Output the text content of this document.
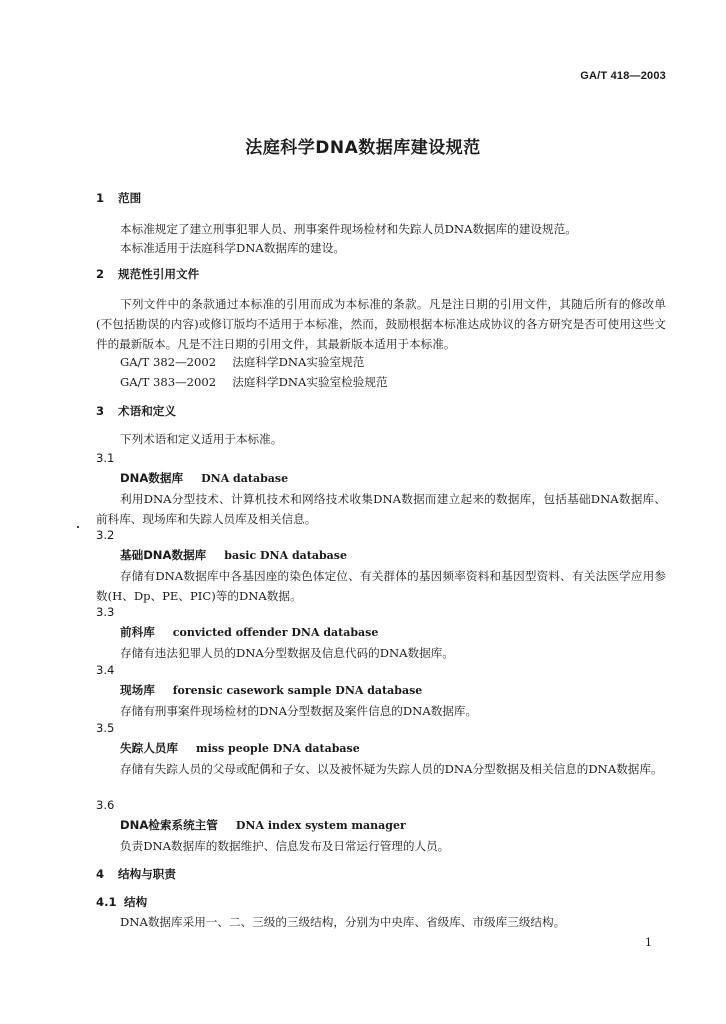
GA/T 418—2003
法庭科学DNA数据库建设规范
1 范围
本标准规定了建立刑事犯罪人员、刑事案件现场检材和失踪人员DNA数据库的建设规范。
本标准适用于法庭科学DNA数据库的建设。
2 规范性引用文件
下列文件中的条款通过本标准的引用而成为本标准的条款。凡是注日期的引用文件，其随后所有的修改单(不包括勘误的内容)或修订版均不适用于本标准，然而，鼓励根据本标准达成协议的各方研究是否可使用这些文件的最新版本。凡是不注日期的引用文件，其最新版本适用于本标准。
GA/T 382—2002 法庭科学DNA实验室规范
GA/T 383—2002 法庭科学DNA实验室检验规范
3 术语和定义
下列术语和定义适用于本标准。
3.1
DNA数据库 DNA database
利用DNA分型技术、计算机技术和网络技术收集DNA数据而建立起来的数据库，包括基础DNA数据库、前科库、现场库和失踪人员库及相关信息。
3.2
基础DNA数据库 basic DNA database
存储有DNA数据库中各基因座的染色体定位、有关群体的基因频率资料和基因型资料、有关法医学应用参数(H、Dp、PE、PIC)等的DNA数据。
3.3
前科库 convicted offender DNA database
存储有违法犯罪人员的DNA分型数据及信息代码的DNA数据库。
3.4
现场库 forensic casework sample DNA database
存储有刑事案件现场检材的DNA分型数据及案件信息的DNA数据库。
3.5
失踪人员库 miss people DNA database
存储有失踪人员的父母或配偶和子女、以及被怀疑为失踪人员的DNA分型数据及相关信息的DNA数据库。
3.6
DNA检索系统主管 DNA index system manager
负责DNA数据库的数据维护、信息发布及日常运行管理的人员。
4 结构与职责
4.1 结构
DNA数据库采用一、二、三级的三级结构，分别为中央库、省级库、市级库三级结构。
1
